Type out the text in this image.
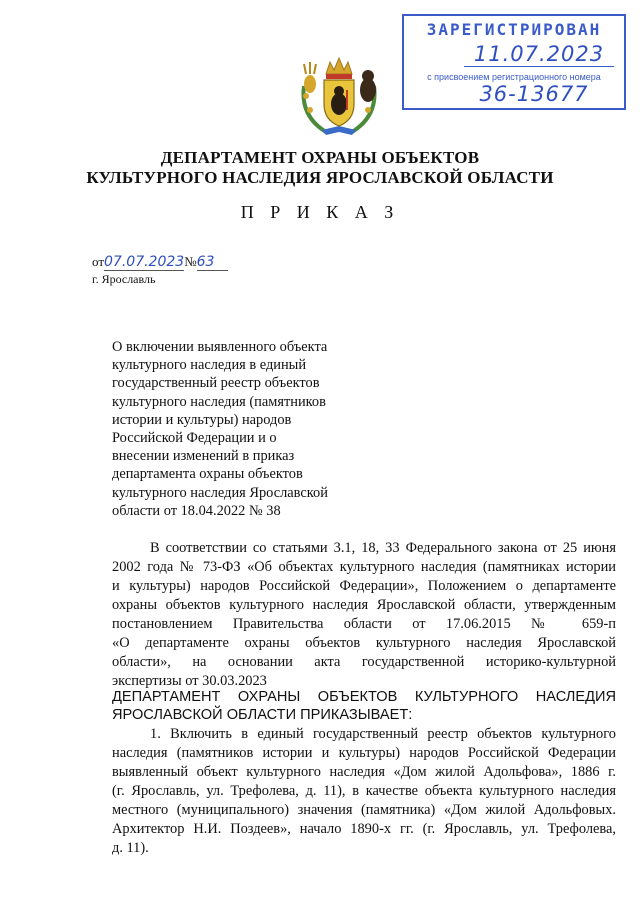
ЗАРЕГИСТРИРОВАН
11.07.2023
с присвоением регистрационного номера
36-13677
ДЕПАРТАМЕНТ ОХРАНЫ ОБЪЕКТОВ
КУЛЬТУРНОГО НАСЛЕДИЯ ЯРОСЛАВСКОЙ ОБЛАСТИ
П Р И К А З
от07.07.2023№63
г. Ярославль
О включении выявленного объекта
культурного наследия в единый
государственный реестр объектов
культурного наследия (памятников
истории и культуры) народов
Российской Федерации и о
внесении изменений в приказ
департамента охраны объектов
культурного наследия Ярославской
области от 18.04.2022 № 38
В соответствии со статьями 3.1, 18, 33 Федерального закона от 25 июня
2002 года № 73-ФЗ «Об объектах культурного наследия (памятниках истории
и культуры) народов Российской Федерации», Положением о департаменте
охраны объектов культурного наследия Ярославской области, утвержденным
постановлением Правительства области от 17.06.2015 № 659-п
«О департаменте охраны объектов культурного наследия Ярославской
области», на основании акта государственной историко-культурной
экспертизы от 30.03.2023
ДЕПАРТАМЕНТ ОХРАНЫ ОБЪЕКТОВ КУЛЬТУРНОГО НАСЛЕДИЯ
ЯРОСЛАВСКОЙ ОБЛАСТИ ПРИКАЗЫВАЕТ:
1. Включить в единый государственный реестр объектов культурного
наследия (памятников истории и культуры) народов Российской Федерации
выявленный объект культурного наследия «Дом жилой Адольфова», 1886 г.
(г. Ярославль, ул. Трефолева, д. 11), в качестве объекта культурного наследия
местного (муниципального) значения (памятника) «Дом жилой Адольфовых.
Архитектор Н.И. Поздеев», начало 1890-х гг. (г. Ярославль, ул. Трефолева,
д. 11).
